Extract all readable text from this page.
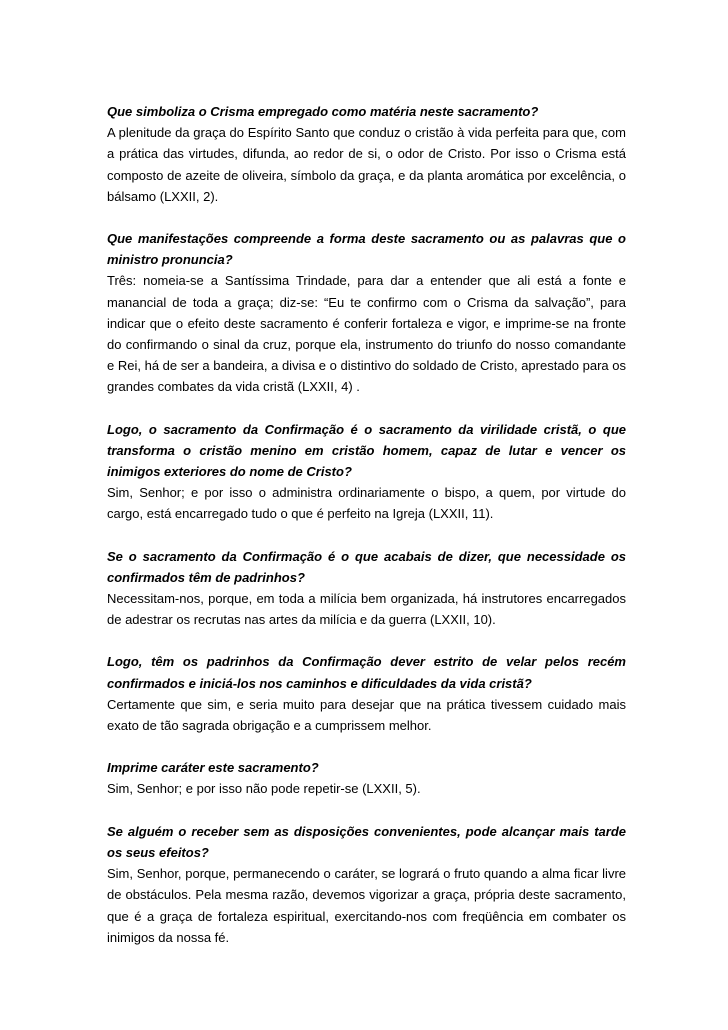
Que simboliza o Crisma empregado como matéria neste sacramento?

A plenitude da graça do Espírito Santo que conduz o cristão à vida perfeita para que, com a prática das virtudes, difunda, ao redor de si, o odor de Cristo. Por isso o Crisma está composto de azeite de oliveira, símbolo da graça, e da planta aromática por excelência, o bálsamo (LXXII, 2).

Que manifestações compreende a forma deste sacramento ou as palavras que o ministro pronuncia?

Três: nomeia-se a Santíssima Trindade, para dar a entender que ali está a fonte e manancial de toda a graça; diz-se: “Eu te confirmo com o Crisma da salvação”, para indicar que o efeito deste sacramento é conferir fortaleza e vigor, e imprime-se na fronte do confirmando o sinal da cruz, porque ela, instrumento do triunfo do nosso comandante e Rei, há de ser a bandeira, a divisa e o distintivo do soldado de Cristo, aprestado para os grandes combates da vida cristã (LXXII, 4) .

Logo, o sacramento da Confirmação é o sacramento da virilidade cristã, o que transforma o cristão menino em cristão homem, capaz de lutar e vencer os inimigos exteriores do nome de Cristo?

Sim, Senhor; e por isso o administra ordinariamente o bispo, a quem, por virtude do cargo, está encarregado tudo o que é perfeito na Igreja (LXXII, 11).

Se o sacramento da Confirmação é o que acabais de dizer, que necessidade os confirmados têm de padrinhos?

Necessitam-nos, porque, em toda a milícia bem organizada, há instrutores encarregados de adestrar os recrutas nas artes da milícia e da guerra (LXXII, 10).

Logo, têm os padrinhos da Confirmação dever estrito de velar pelos recém confirmados e iniciá-los nos caminhos e dificuldades da vida cristã?

Certamente que sim, e seria muito para desejar que na prática tivessem cuidado mais exato de tão sagrada obrigação e a cumprissem melhor.

Imprime caráter este sacramento?

Sim, Senhor; e por isso não pode repetir-se (LXXII, 5).

Se alguém o receber sem as disposições convenientes, pode alcançar mais tarde os seus efeitos?

Sim, Senhor, porque, permanecendo o caráter, se logrará o fruto quando a alma ficar livre de obstáculos. Pela mesma razão, devemos vigorizar a graça, própria deste sacramento, que é a graça de fortaleza espiritual, exercitando-nos com freqüência em combater os inimigos da nossa fé.
